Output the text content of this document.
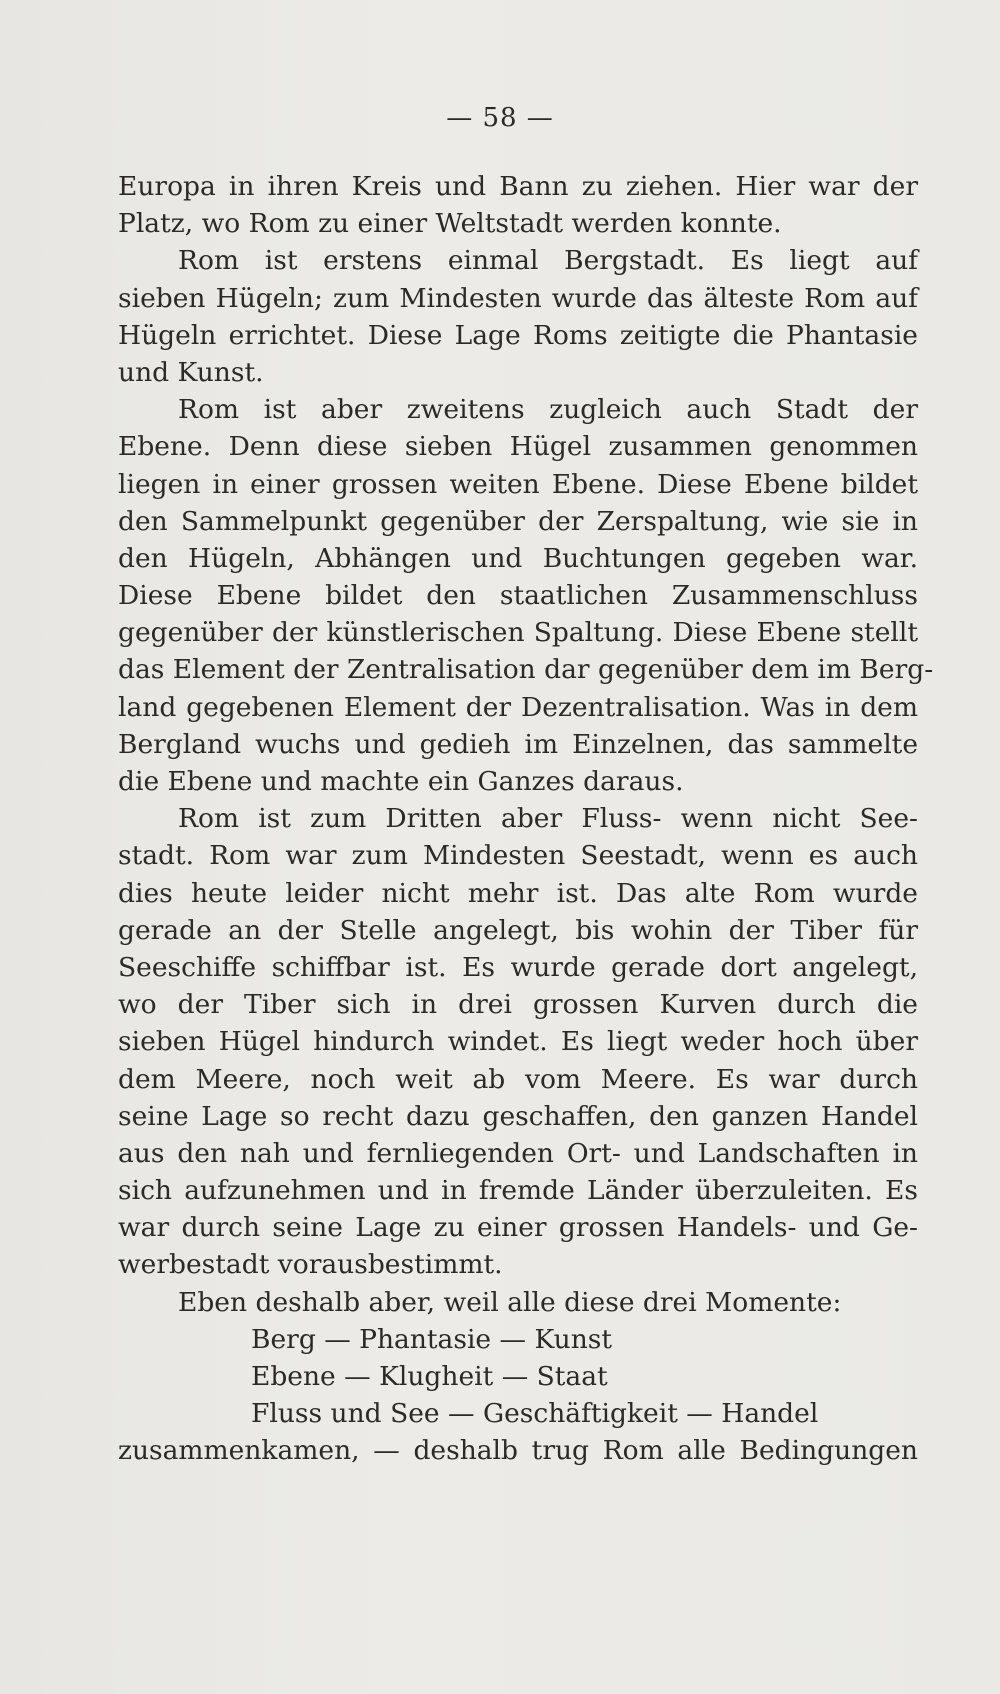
— 58 —
Europa in ihren Kreis und Bann zu ziehen. Hier war der
Platz, wo Rom zu einer Weltstadt werden konnte.
Rom ist erstens einmal Bergstadt. Es liegt auf
sieben Hügeln; zum Mindesten wurde das älteste Rom auf
Hügeln errichtet. Diese Lage Roms zeitigte die Phantasie
und Kunst.
Rom ist aber zweitens zugleich auch Stadt der
Ebene. Denn diese sieben Hügel zusammen genommen
liegen in einer grossen weiten Ebene. Diese Ebene bildet
den Sammelpunkt gegenüber der Zerspaltung, wie sie in
den Hügeln, Abhängen und Buchtungen gegeben war.
Diese Ebene bildet den staatlichen Zusammenschluss
gegenüber der künstlerischen Spaltung. Diese Ebene stellt
das Element der Zentralisation dar gegenüber dem im Berg-
land gegebenen Element der Dezentralisation. Was in dem
Bergland wuchs und gedieh im Einzelnen, das sammelte
die Ebene und machte ein Ganzes daraus.
Rom ist zum Dritten aber Fluss- wenn nicht See-
stadt. Rom war zum Mindesten Seestadt, wenn es auch
dies heute leider nicht mehr ist. Das alte Rom wurde
gerade an der Stelle angelegt, bis wohin der Tiber für
Seeschiffe schiffbar ist. Es wurde gerade dort angelegt,
wo der Tiber sich in drei grossen Kurven durch die
sieben Hügel hindurch windet. Es liegt weder hoch über
dem Meere, noch weit ab vom Meere. Es war durch
seine Lage so recht dazu geschaffen, den ganzen Handel
aus den nah und fernliegenden Ort- und Landschaften in
sich aufzunehmen und in fremde Länder überzuleiten. Es
war durch seine Lage zu einer grossen Handels- und Ge-
werbestadt vorausbestimmt.
Eben deshalb aber, weil alle diese drei Momente:
Berg — Phantasie — Kunst
Ebene — Klugheit — Staat
Fluss und See — Geschäftigkeit — Handel
zusammenkamen, — deshalb trug Rom alle Bedingungen
